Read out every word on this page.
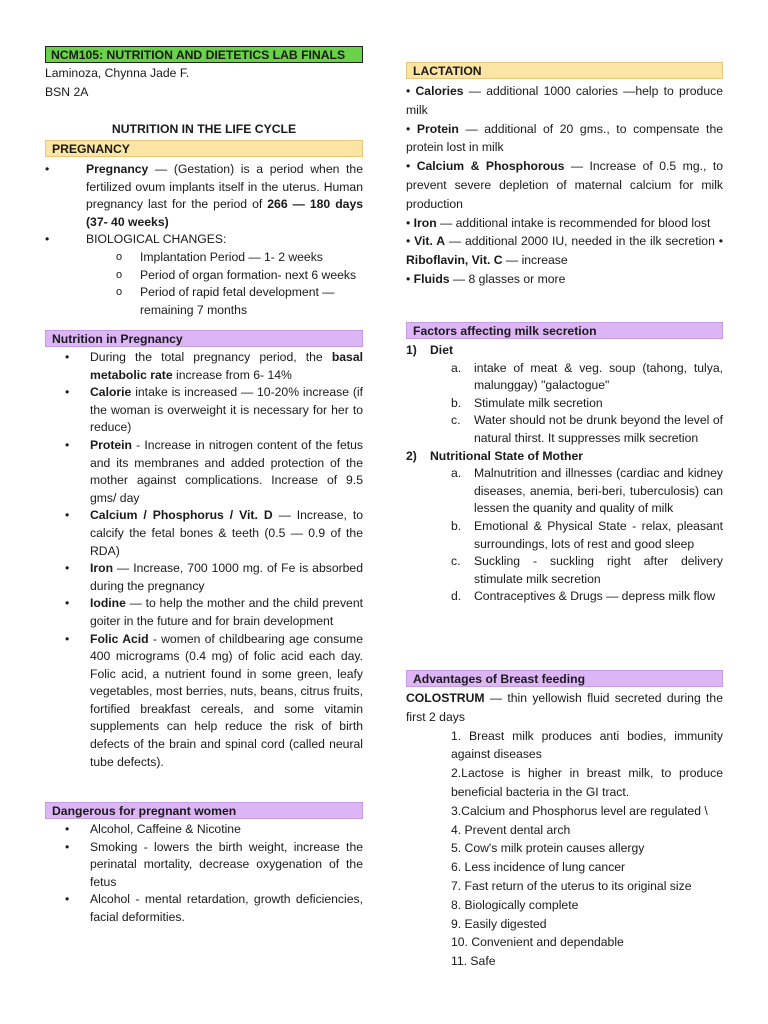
NCM105: NUTRITION AND DIETETICS LAB FINALS
Laminoza, Chynna Jade F.
BSN 2A
NUTRITION IN THE LIFE CYCLE
PREGNANCY

• Pregnancy — (Gestation) is a period when the fertilized ovum implants itself in the uterus. Human pregnancy last for the period of 266 — 180 days (37- 40 weeks)

• BIOLOGICAL CHANGES:

o Implantation Period — 1- 2 weeks

o Period of organ formation- next 6 weeks

o Period of rapid fetal development — remaining 7 months

Nutrition in Pregnancy

• During the total pregnancy period, the basal metabolic rate increase from 6- 14%

• Calorie intake is increased — 10-20% increase (if the woman is overweight it is necessary for her to reduce)

• Protein - Increase in nitrogen content of the fetus and its membranes and added protection of the mother against complications. Increase of 9.5 gms/ day

• Calcium / Phosphorus / Vit. D — Increase, to calcify the fetal bones & teeth (0.5 — 0.9 of the RDA)

• Iron — Increase, 700 1000 mg. of Fe is absorbed during the pregnancy

• Iodine — to help the mother and the child prevent goiter in the future and for brain development

• Folic Acid - women of childbearing age consume 400 micrograms (0.4 mg) of folic acid each day. Folic acid, a nutrient found in some green, leafy vegetables, most berries, nuts, beans, citrus fruits, fortified breakfast cereals, and some vitamin supplements can help reduce the risk of birth defects of the brain and spinal cord (called neural tube defects).

Dangerous for pregnant women

• Alcohol, Caffeine & Nicotine

• Smoking - lowers the birth weight, increase the perinatal mortality, decrease oxygenation of the fetus

• Alcohol - mental retardation, growth deficiencies, facial deformities.

LACTATION

• Calories — additional 1000 calories —help to produce milk

• Protein — additional of 20 gms., to compensate the protein lost in milk

• Calcium & Phosphorous — Increase of 0.5 mg., to prevent severe depletion of maternal calcium for milk production

• Iron — additional intake is recommended for blood lost

• Vit. A — additional 2000 IU, needed in the ilk secretion • Riboflavin, Vit. C — increase

• Fluids — 8 glasses or more

Factors affecting milk secretion

1) Diet

a. intake of meat & veg. soup (tahong, tulya, malunggay) "galactogue"

b. Stimulate milk secretion

c. Water should not be drunk beyond the level of natural thirst. It suppresses milk secretion

2) Nutritional State of Mother

a. Malnutrition and illnesses (cardiac and kidney diseases, anemia, beri-beri, tuberculosis) can lessen the quanity and quality of milk

b. Emotional & Physical State - relax, pleasant surroundings, lots of rest and good sleep

c. Suckling - suckling right after delivery stimulate milk secretion

d. Contraceptives & Drugs — depress milk flow

Advantages of Breast feeding

COLOSTRUM — thin yellowish fluid secreted during the first 2 days

1. Breast milk produces anti bodies, immunity against diseases

2.Lactose is higher in breast milk, to produce beneficial bacteria in the GI tract.

3.Calcium and Phosphorus level are regulated \

4. Prevent dental arch

5. Cow's milk protein causes allergy

6. Less incidence of lung cancer

7. Fast return of the uterus to its original size

8. Biologically complete

9. Easily digested

10. Convenient and dependable

11. Safe
